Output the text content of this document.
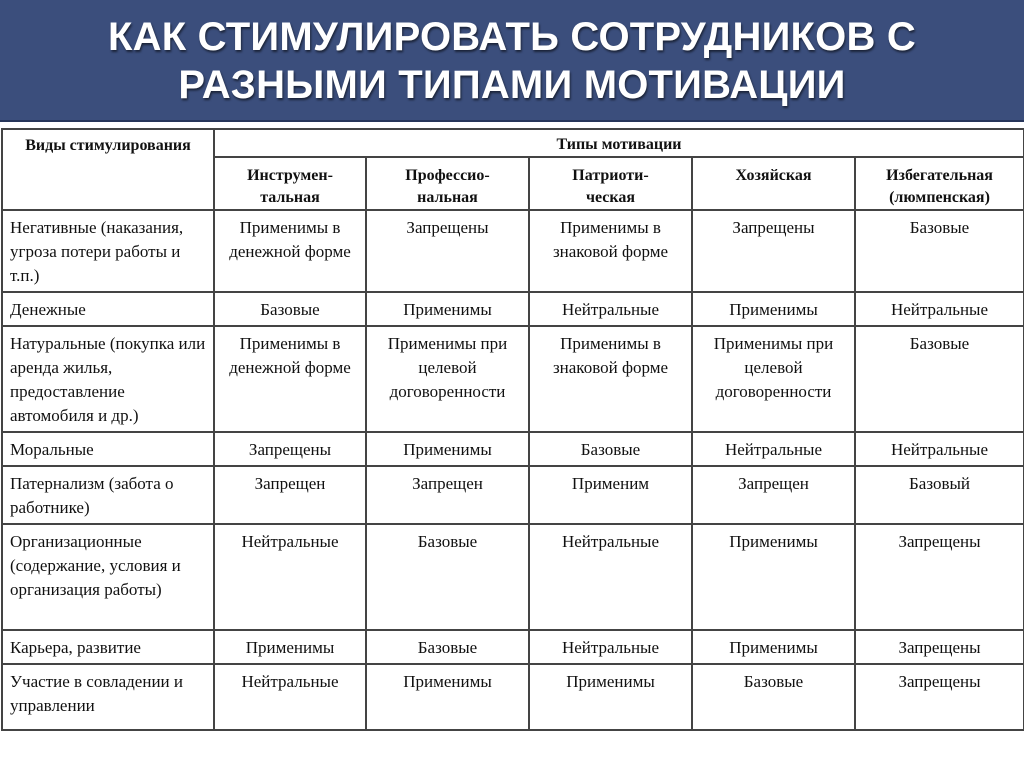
КАК СТИМУЛИРОВАТЬ СОТРУДНИКОВ С
РАЗНЫМИ ТИПАМИ МОТИВАЦИИ
Виды стимулирования	Типы мотивации				
	Инструмен-тальная	Профессио-нальная	Патриоти-ческая	Хозяйская	Избегательная (люмпенская)
Негативные (наказания, угроза потери работы и т.п.)	Применимы в денежной форме	Запрещены	Применимы в знаковой форме	Запрещены	Базовые
Денежные	Базовые	Применимы	Нейтральные	Применимы	Нейтральные
Натуральные (покупка или аренда жилья, предоставление автомобиля и др.)	Применимы в денежной форме	Применимы при целевой договоренности	Применимы в знаковой форме	Применимы при целевой договоренности	Базовые
Моральные	Запрещены	Применимы	Базовые	Нейтральные	Нейтральные
Патернализм (забота о работнике)	Запрещен	Запрещен	Применим	Запрещен	Базовый
Организационные (содержание, условия и организация работы)	Нейтральные	Базовые	Нейтральные	Применимы	Запрещены
Карьера, развитие	Применимы	Базовые	Нейтральные	Применимы	Запрещены
Участие в совладении и управлении	Нейтральные	Применимы	Применимы	Базовые	Запрещены
